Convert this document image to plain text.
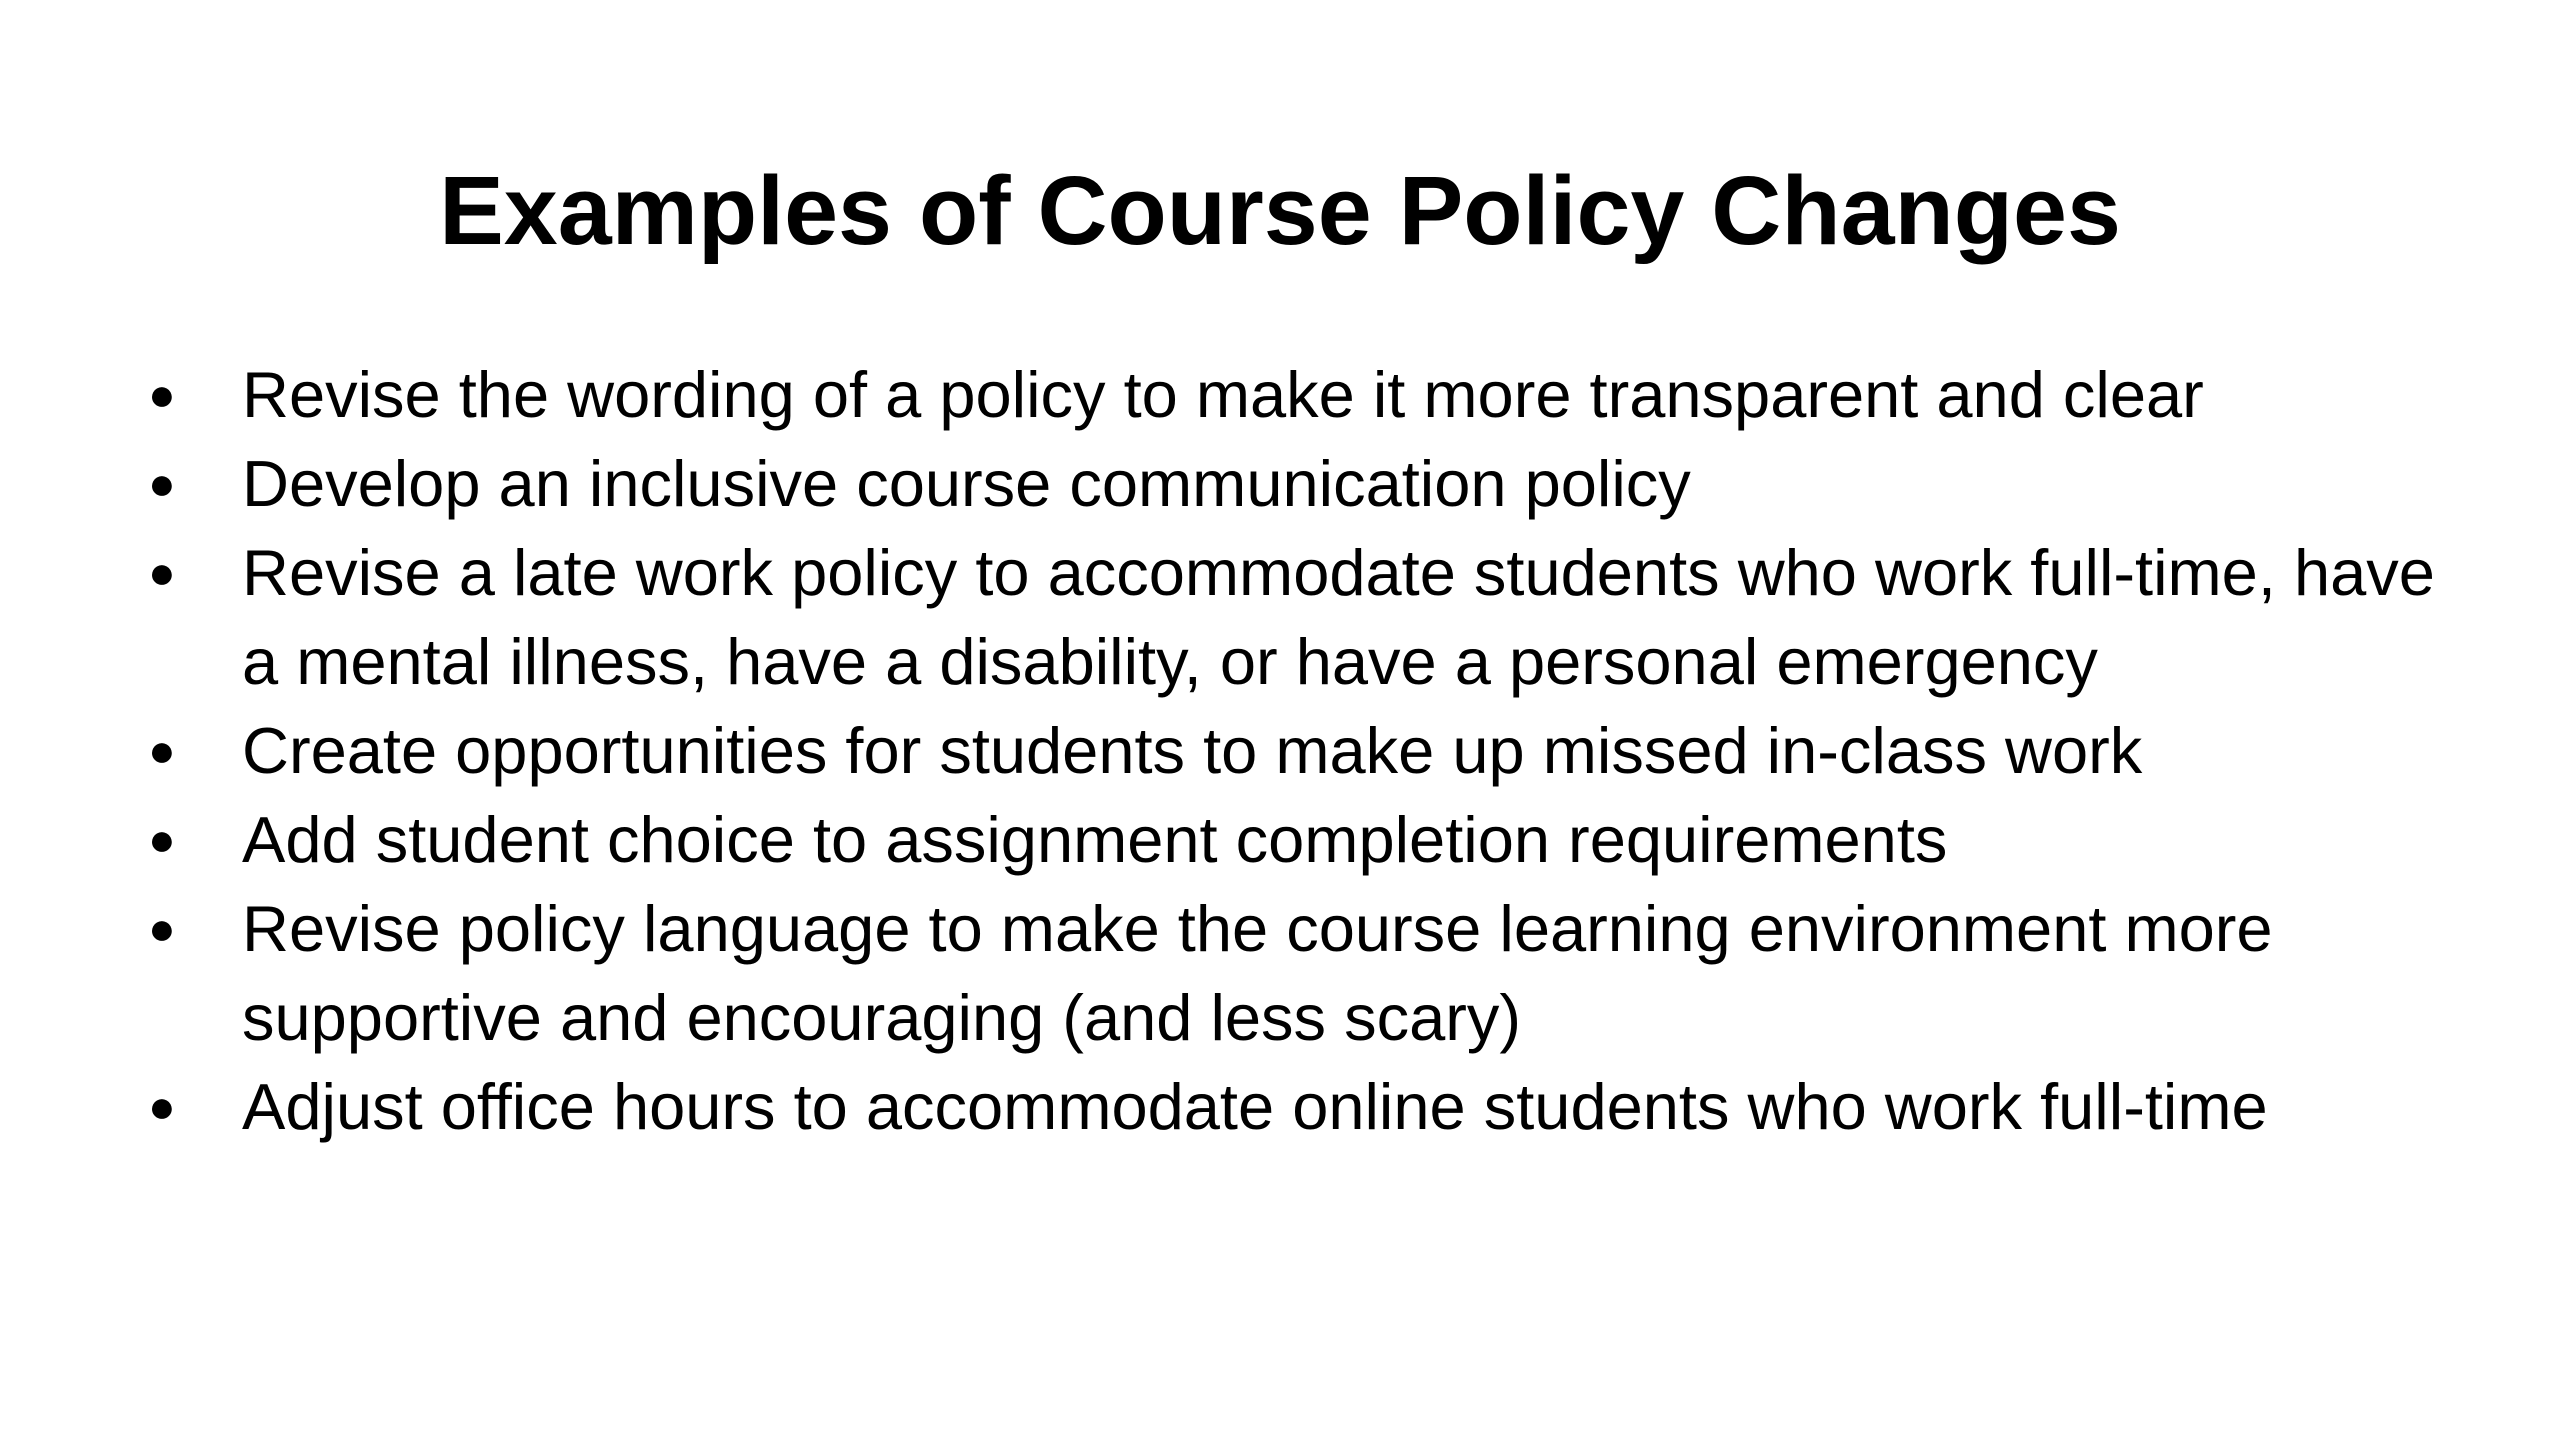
Examples of Course Policy Changes
● Revise the wording of a policy to make it more transparent and clear
● Develop an inclusive course communication policy
● Revise a late work policy to accommodate students who work full-time, have a mental illness, have a disability, or have a personal emergency
● Create opportunities for students to make up missed in-class work
● Add student choice to assignment completion requirements
● Revise policy language to make the course learning environment more supportive and encouraging (and less scary)
● Adjust office hours to accommodate online students who work full-time
